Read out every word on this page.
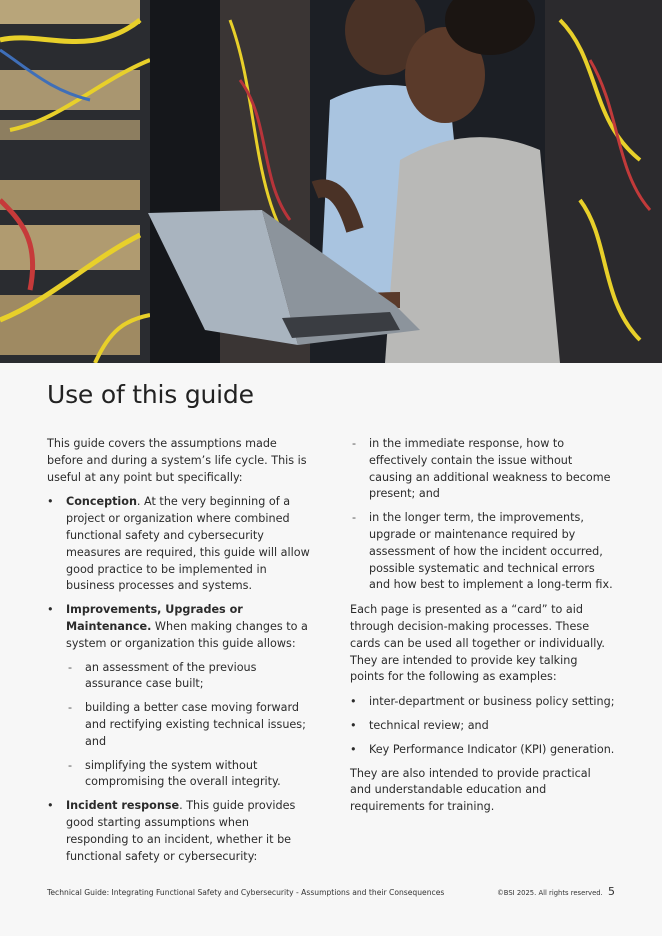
Use of this guide

This guide covers the assumptions made before and during a system’s life cycle. This is useful at any point but specifically:

• Conception. At the very beginning of a project or organization where combined functional safety and cybersecurity measures are required, this guide will allow good practice to be implemented in business processes and systems.
• Improvements, Upgrades or Maintenance. When making changes to a system or organization this guide allows:
- an assessment of the previous assurance case built;
- building a better case moving forward and rectifying existing technical issues; and
- simplifying the system without compromising the overall integrity.
• Incident response. This guide provides good starting assumptions when responding to an incident, whether it be functional safety or cybersecurity:
- in the immediate response, how to effectively contain the issue without causing an additional weakness to become present; and
- in the longer term, the improvements, upgrade or maintenance required by assessment of how the incident occurred, possible systematic and technical errors and how best to implement a long-term fix.

Each page is presented as a “card” to aid through decision-making processes. These cards can be used all together or individually. They are intended to provide key talking points for the following as examples:

• inter-department or business policy setting;
• technical review; and
• Key Performance Indicator (KPI) generation.

They are also intended to provide practical and understandable education and requirements for training.

Technical Guide: Integrating Functional Safety and Cybersecurity - Assumptions and their Consequences	©BSI 2025. All rights reserved. 5
